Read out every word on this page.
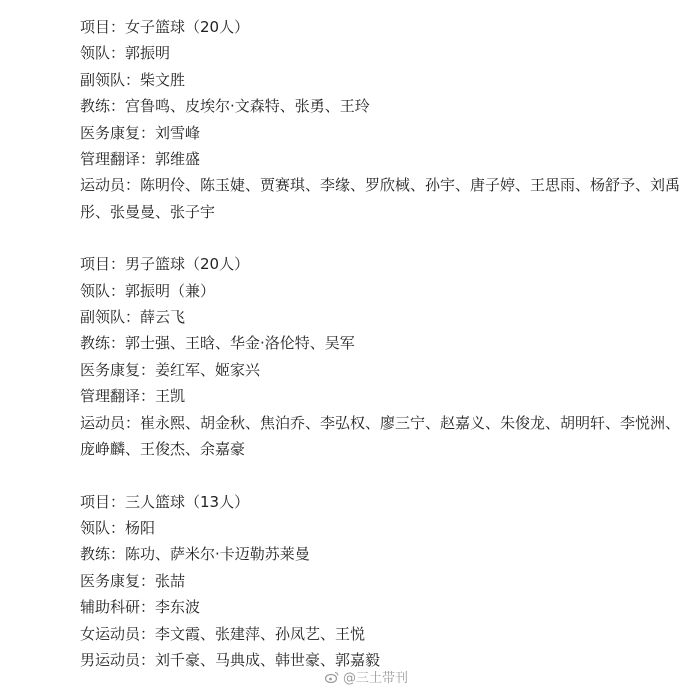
项目：女子篮球（20人）
领队：郭振明
副领队：柴文胜
教练：宫鲁鸣、皮埃尔·文森特、张勇、王玲
医务康复：刘雪峰
管理翻译：郭维盛
运动员：陈明伶、陈玉婕、贾赛琪、李缘、罗欣棫、孙宇、唐子婷、王思雨、杨舒予、刘禹彤、张曼曼、张子宇
项目：男子篮球（20人）
领队：郭振明（兼）
副领队：薛云飞
教练：郭士强、王晗、华金·洛伦特、吴军
医务康复：姜红军、姬家兴
管理翻译：王凯
运动员：崔永熙、胡金秋、焦泊乔、李弘权、廖三宁、赵嘉义、朱俊龙、胡明轩、李悦洲、庞峥麟、王俊杰、余嘉豪
项目：三人篮球（13人）
领队：杨阳
教练：陈功、萨米尔·卡迈勒苏莱曼
医务康复：张喆
辅助科研：李东波
女运动员：李文霞、张建萍、孙凤艺、王悦
男运动员：刘千豪、马典成、韩世豪、郭嘉毅
@三土带刊
